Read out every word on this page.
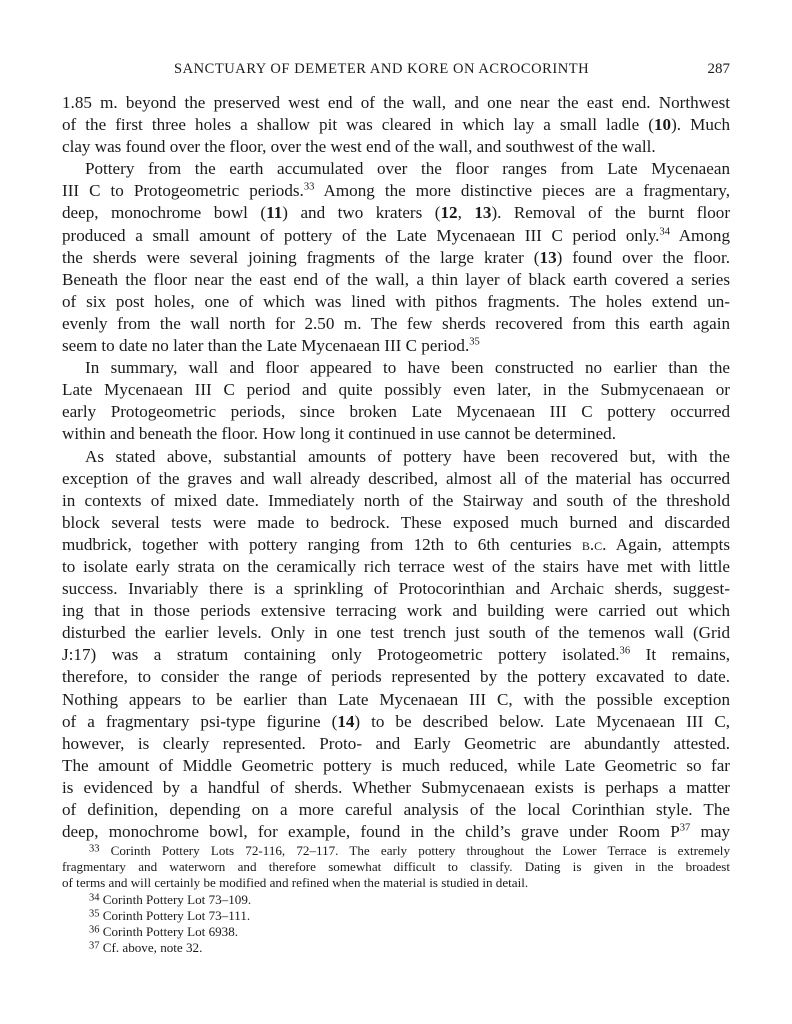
SANCTUARY OF DEMETER AND KORE ON ACROCORINTH	287
1.85 m. beyond the preserved west end of the wall, and one near the east end. Northwest
of the first three holes a shallow pit was cleared in which lay a small ladle (10). Much
clay was found over the floor, over the west end of the wall, and southwest of the wall.
Pottery from the earth accumulated over the floor ranges from Late Mycenaean
III C to Protogeometric periods.$^{33}$ Among the more distinctive pieces are a fragmentary,
deep, monochrome bowl (11) and two kraters (12, 13). Removal of the burnt floor
produced a small amount of pottery of the Late Mycenaean III C period only.$^{34}$ Among
the sherds were several joining fragments of the large krater (13) found over the floor.
Beneath the floor near the east end of the wall, a thin layer of black earth covered a series
of six post holes, one of which was lined with pithos fragments. The holes extend un-
evenly from the wall north for 2.50 m. The few sherds recovered from this earth again
seem to date no later than the Late Mycenaean III C period.$^{35}$
In summary, wall and floor appeared to have been constructed no earlier than the
Late Mycenaean III C period and quite possibly even later, in the Submycenaean or
early Protogeometric periods, since broken Late Mycenaean III C pottery occurred
within and beneath the floor. How long it continued in use cannot be determined.
As stated above, substantial amounts of pottery have been recovered but, with the
exception of the graves and wall already described, almost all of the material has occurred
in contexts of mixed date. Immediately north of the Stairway and south of the threshold
block several tests were made to bedrock. These exposed much burned and discarded
mudbrick, together with pottery ranging from 12th to 6th centuries b.c. Again, attempts
to isolate early strata on the ceramically rich terrace west of the stairs have met with little
success. Invariably there is a sprinkling of Protocorinthian and Archaic sherds, suggest-
ing that in those periods extensive terracing work and building were carried out which
disturbed the earlier levels. Only in one test trench just south of the temenos wall (Grid
J:17) was a stratum containing only Protogeometric pottery isolated.$^{36}$ It remains,
therefore, to consider the range of periods represented by the pottery excavated to date.
Nothing appears to be earlier than Late Mycenaean III C, with the possible exception
of a fragmentary psi-type figurine (14) to be described below. Late Mycenaean III C,
however, is clearly represented. Proto- and Early Geometric are abundantly attested.
The amount of Middle Geometric pottery is much reduced, while Late Geometric so far
is evidenced by a handful of sherds. Whether Submycenaean exists is perhaps a matter
of definition, depending on a more careful analysis of the local Corinthian style. The
deep, monochrome bowl, for example, found in the child’s grave under Room $P^{37}$ may
$^{33}$ Corinth Pottery Lots 72-116, 72–117. The early pottery throughout the Lower Terrace is extremely
fragmentary and waterworn and therefore somewhat difficult to classify. Dating is given in the broadest
of terms and will certainly be modified and refined when the material is studied in detail.
$^{34}$ Corinth Pottery Lot 73–109.
$^{35}$ Corinth Pottery Lot 73–111.
$^{36}$ Corinth Pottery Lot 6938.
$^{37}$ Cf. above, note 32.
